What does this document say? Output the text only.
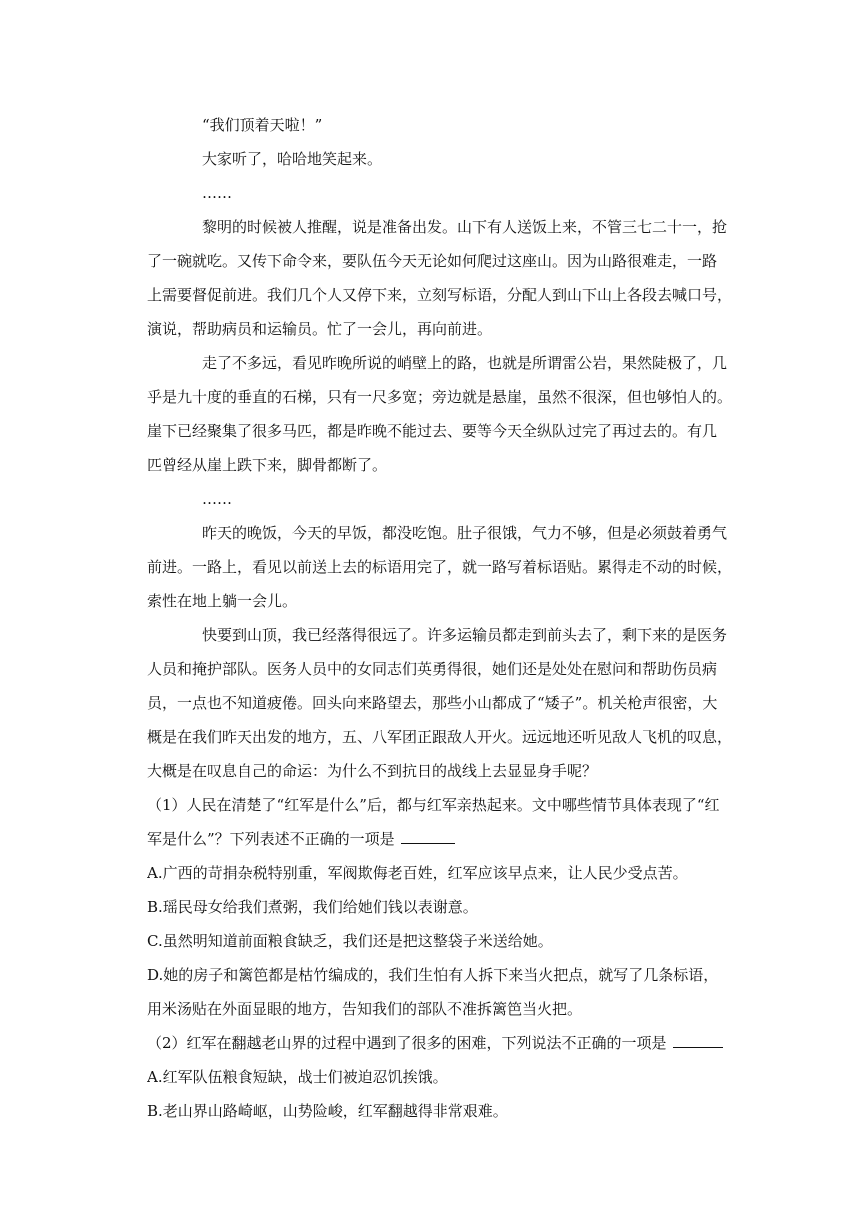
“我们顶着天啦！”
大家听了，哈哈地笑起来。
……
黎明的时候被人推醒，说是准备出发。山下有人送饭上来，不管三七二十一，抢
了一碗就吃。又传下命令来，要队伍今天无论如何爬过这座山。因为山路很难走，一路
上需要督促前进。我们几个人又停下来，立刻写标语，分配人到山下山上各段去喊口号，
演说，帮助病员和运输员。忙了一会儿，再向前进。
走了不多远，看见昨晚所说的峭壁上的路，也就是所谓雷公岩，果然陡极了，几
乎是九十度的垂直的石梯，只有一尺多宽；旁边就是悬崖，虽然不很深，但也够怕人的。
崖下已经聚集了很多马匹，都是昨晚不能过去、要等今天全纵队过完了再过去的。有几
匹曾经从崖上跌下来，脚骨都断了。
……
昨天的晚饭，今天的早饭，都没吃饱。肚子很饿，气力不够，但是必须鼓着勇气
前进。一路上，看见以前送上去的标语用完了，就一路写着标语贴。累得走不动的时候，
索性在地上躺一会儿。
快要到山顶，我已经落得很远了。许多运输员都走到前头去了，剩下来的是医务
人员和掩护部队。医务人员中的女同志们英勇得很，她们还是处处在慰问和帮助伤员病
员，一点也不知道疲倦。回头向来路望去，那些小山都成了“矮子”。机关枪声很密，大
概是在我们昨天出发的地方，五、八军团正跟敌人开火。远远地还听见敌人飞机的叹息，
大概是在叹息自己的命运：为什么不到抗日的战线上去显显身手呢？
（1）人民在清楚了“红军是什么”后，都与红军亲热起来。文中哪些情节具体表现了“红
军是什么”？下列表述不正确的一项是
A.广西的苛捐杂税特别重，军阀欺侮老百姓，红军应该早点来，让人民少受点苦。
B.瑶民母女给我们煮粥，我们给她们钱以表谢意。
C.虽然明知道前面粮食缺乏，我们还是把这整袋子米送给她。
D.她的房子和篱笆都是枯竹编成的，我们生怕有人拆下来当火把点，就写了几条标语，
用米汤贴在外面显眼的地方，告知我们的部队不准拆篱笆当火把。
（2）红军在翻越老山界的过程中遇到了很多的困难，下列说法不正确的一项是
A.红军队伍粮食短缺，战士们被迫忍饥挨饿。
B.老山界山路崎岖，山势险峻，红军翻越得非常艰难。
